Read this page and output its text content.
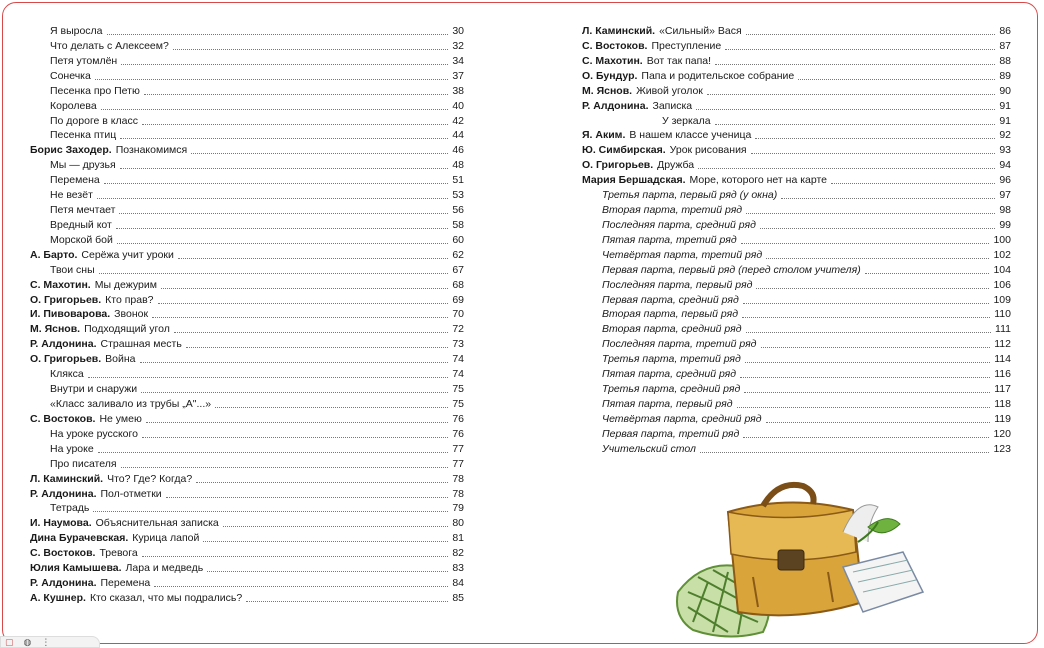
Я выросла	30
Что делать с Алексеем?	32
Петя утомлён	34
Сонечка	37
Песенка про Петю	38
Королева	40
По дороге в класс	42
Песенка птиц	44
Борис Заходер. Познакомимся	46
Мы — друзья	48
Перемена	51
Не везёт	53
Петя мечтает	56
Вредный кот	58
Морской бой	60
А. Барто. Серёжа учит уроки	62
Твои сны	67
С. Махотин. Мы дежурим	68
О. Григорьев. Кто прав?	69
И. Пивоварова. Звонок	70
М. Яснов. Подходящий угол	72
Р. Алдонина. Страшная месть	73
О. Григорьев. Война	74
Клякса	74
Внутри и снаружи	75
«Класс заливало из трубы „А"...»	75
С. Востоков. Не умею	76
На уроке русского	76
На уроке	77
Про писателя	77
Л. Каминский. Что? Где? Когда?	78
Р. Алдонина. Пол-отметки	78
Тетрадь	79
И. Наумова. Объяснительная записка	80
Дина Бурачевская. Курица лапой	81
С. Востоков. Тревога	82
Юлия Камышева. Лара и медведь	83
Р. Алдонина. Перемена	84
А. Кушнер. Кто сказал, что мы подрались?	85
Л. Каминский. «Сильный» Вася	86
С. Востоков. Преступление	87
С. Махотин. Вот так папа!	88
О. Бундур. Папа и родительское собрание	89
М. Яснов. Живой уголок	90
Р. Алдонина. Записка	91
У зеркала	91
Я. Аким. В нашем классе ученица	92
Ю. Симбирская. Урок рисования	93
О. Григорьев. Дружба	94
Мария Бершадская. Море, которого нет на карте	96
Третья парта, первый ряд (у окна)	97
Вторая парта, третий ряд	98
Последняя парта, средний ряд	99
Пятая парта, третий ряд	100
Четвёртая парта, третий ряд	102
Первая парта, первый ряд (перед столом учителя)	104
Последняя парта, первый ряд	106
Первая парта, средний ряд	109
Вторая парта, первый ряд	110
Вторая парта, средний ряд	111
Последняя парта, третий ряд	112
Третья парта, третий ряд	114
Пятая парта, средний ряд	116
Третья парта, средний ряд	117
Пятая парта, первый ряд	118
Четвёртая парта, средний ряд	119
Первая парта, третий ряд	120
Учительский стол	123
▢ ◍ ⋮
